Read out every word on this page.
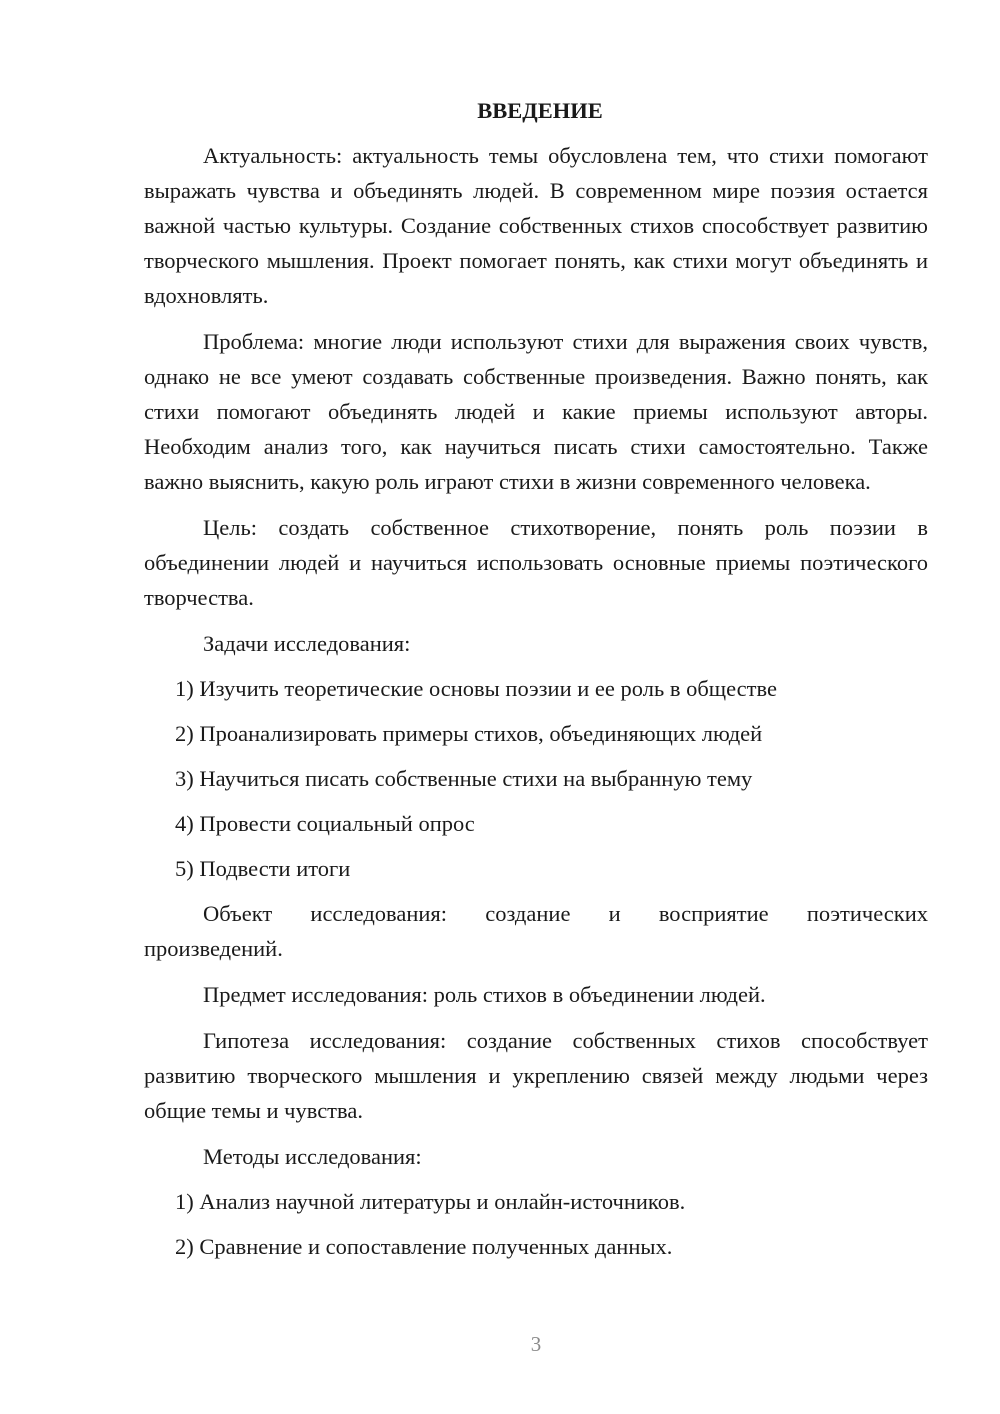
ВВЕДЕНИЕ

Актуальность: актуальность темы обусловлена тем, что стихи помогают выражать чувства и объединять людей. В современном мире поэзия остается важной частью культуры. Создание собственных стихов способствует развитию творческого мышления. Проект помогает понять, как стихи могут объединять и вдохновлять.

Проблема: многие люди используют стихи для выражения своих чувств, однако не все умеют создавать собственные произведения. Важно понять, как стихи помогают объединять людей и какие приемы используют авторы. Необходим анализ того, как научиться писать стихи самостоятельно. Также важно выяснить, какую роль играют стихи в жизни современного человека.

Цель: создать собственное стихотворение, понять роль поэзии в объединении людей и научиться использовать основные приемы поэтического творчества.

Задачи исследования:

1) Изучить теоретические основы поэзии и ее роль в обществе

2) Проанализировать примеры стихов, объединяющих людей

3) Научиться писать собственные стихи на выбранную тему

4) Провести социальный опрос

5) Подвести итоги

Объект исследования: создание и восприятие поэтических

произведений.

Предмет исследования: роль стихов в объединении людей.

Гипотеза исследования: создание собственных стихов способствует развитию творческого мышления и укреплению связей между людьми через общие темы и чувства.

Методы исследования:

1) Анализ научной литературы и онлайн-источников.

2) Сравнение и сопоставление полученных данных.

3
